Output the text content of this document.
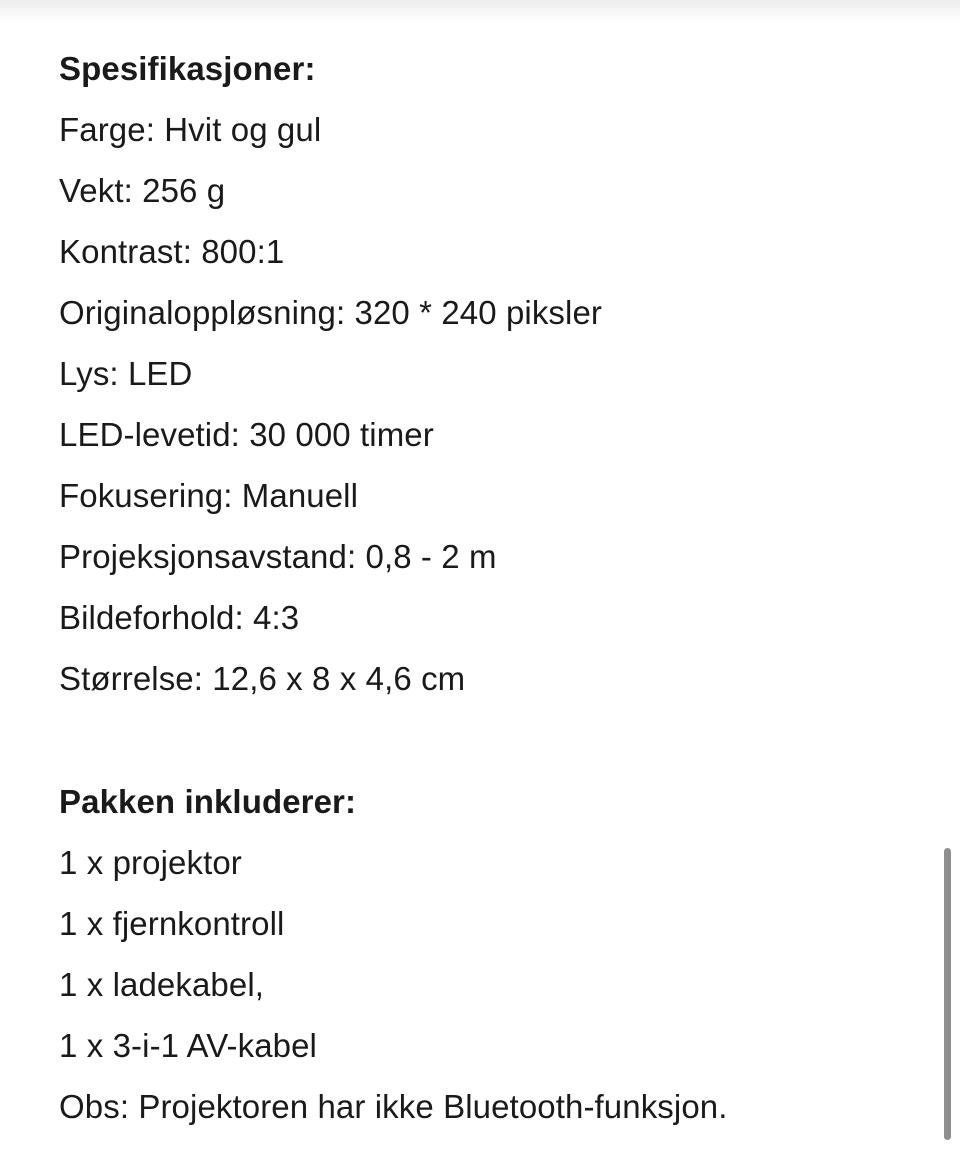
Spesifikasjoner:
Farge: Hvit og gul
Vekt: 256 g
Kontrast: 800:1
Originaloppløsning: 320 * 240 piksler
Lys: LED
LED-levetid: 30 000 timer
Fokusering: Manuell
Projeksjonsavstand: 0,8 - 2 m
Bildeforhold: 4:3
Størrelse: 12,6 x 8 x 4,6 cm
Pakken inkluderer:
1 x projektor
1 x fjernkontroll
1 x ladekabel,
1 x 3-i-1 AV-kabel
Obs: Projektoren har ikke Bluetooth-funksjon.
